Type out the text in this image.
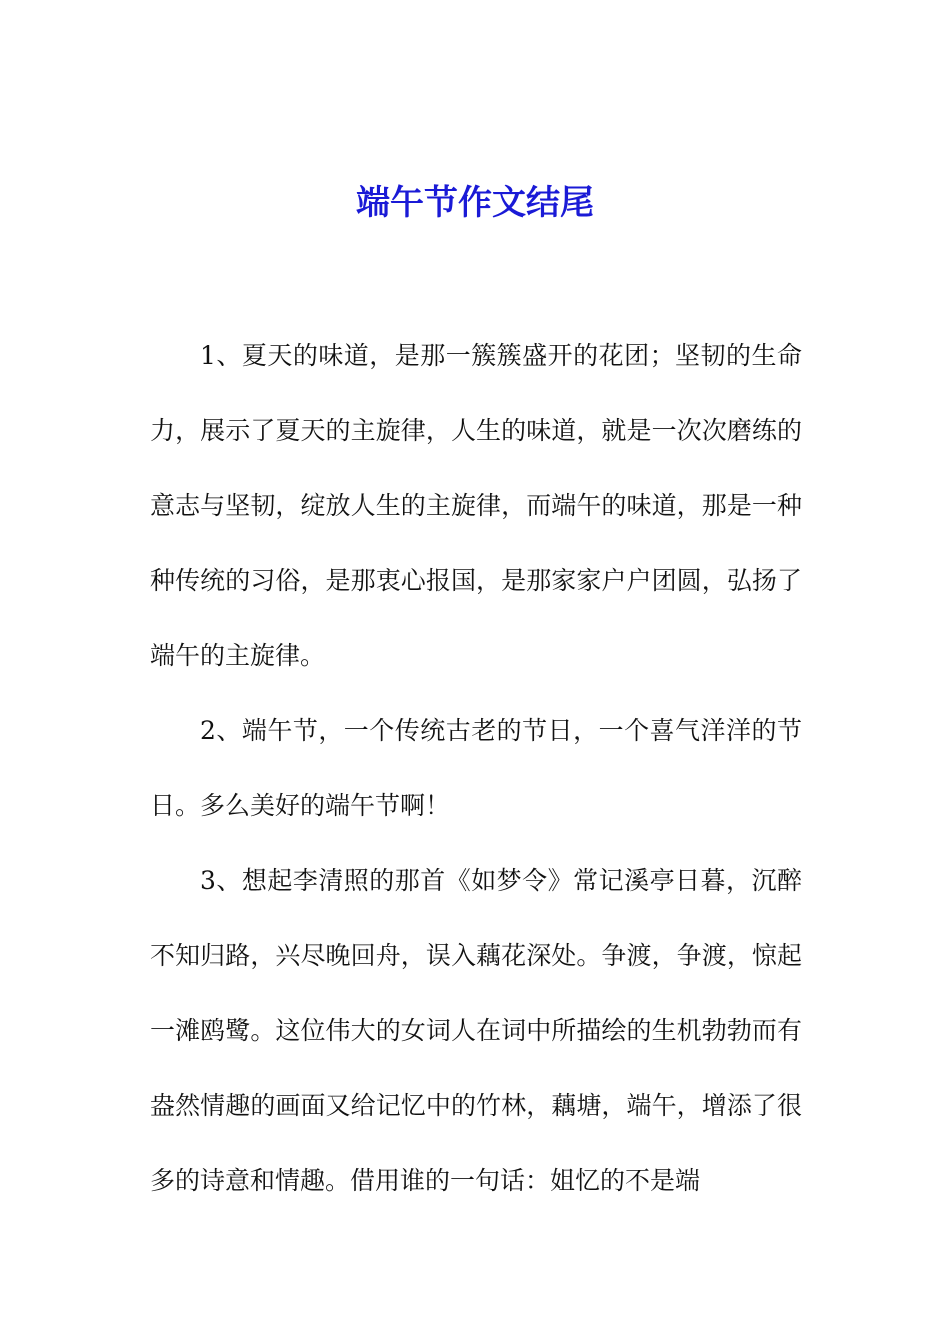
端午节作文结尾

1、夏天的味道，是那一簇簇盛开的花团；坚韧的生命力，展示了夏天的主旋律，人生的味道，就是一次次磨练的意志与坚韧，绽放人生的主旋律，而端午的味道，那是一种种传统的习俗，是那衷心报国，是那家家户户团圆，弘扬了端午的主旋律。

2、端午节，一个传统古老的节日，一个喜气洋洋的节日。多么美好的端午节啊！

3、想起李清照的那首《如梦令》常记溪亭日暮，沉醉不知归路，兴尽晚回舟，误入藕花深处。争渡，争渡，惊起一滩鸥鹭。这位伟大的女词人在词中所描绘的生机勃勃而有盎然情趣的画面又给记忆中的竹林，藕塘，端午，增添了很多的诗意和情趣。借用谁的一句话：姐忆的不是端
